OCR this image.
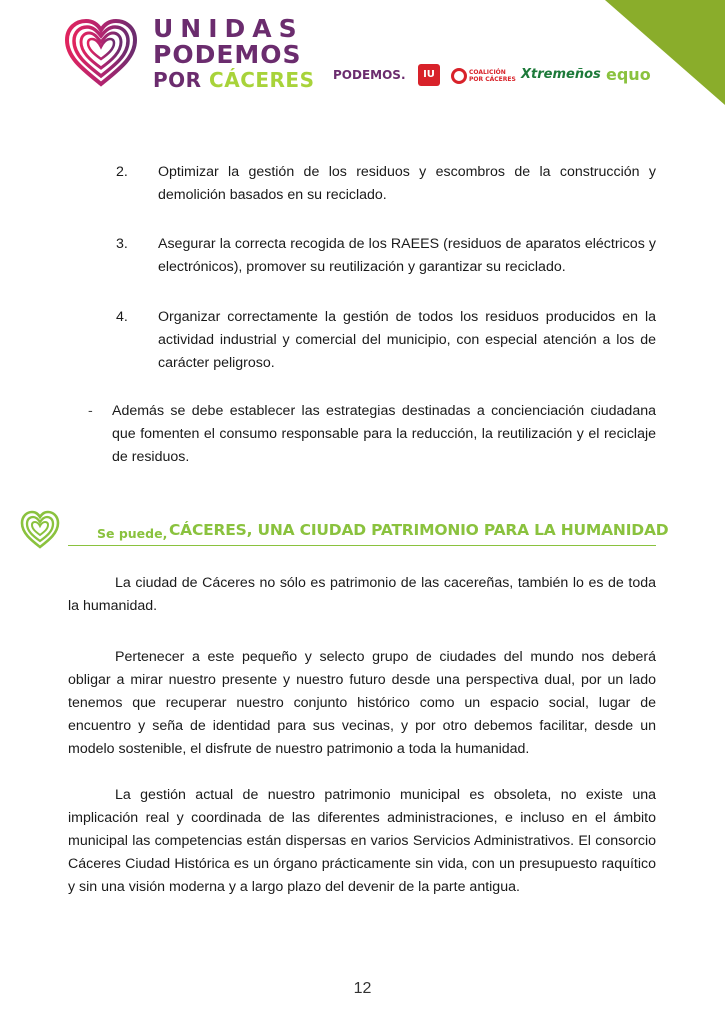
UNIDAS
PODEMOS
POR CÁCERES PODEMOS.	IU	COALICIÓN
POR CÁCERES Xtremeños equo
2. Optimizar la gestión de los residuos y escombros de la construcción y demolición basados en su reciclado.
3. Asegurar la correcta recogida de los RAEES (residuos de aparatos eléctricos y electrónicos), promover su reutilización y garantizar su reciclado.
4. Organizar correctamente la gestión de todos los residuos producidos en la actividad industrial y comercial del municipio, con especial atención a los de carácter peligroso.
-	Además se debe establecer las estrategias destinadas a concienciación ciudadana que fomenten el consumo responsable para la reducción, la reutilización y el reciclaje de residuos.
Se puede, CÁCERES, UNA CIUDAD PATRIMONIO PARA LA HUMANIDAD
La ciudad de Cáceres no sólo es patrimonio de las cacereñas, también lo es de toda la humanidad.
Pertenecer a este pequeño y selecto grupo de ciudades del mundo nos deberá obligar a mirar nuestro presente y nuestro futuro desde una perspectiva dual, por un lado tenemos que recuperar nuestro conjunto histórico como un espacio social, lugar de encuentro y seña de identidad para sus vecinas, y por otro debemos facilitar, desde un modelo sostenible, el disfrute de nuestro patrimonio a toda la humanidad.
La gestión actual de nuestro patrimonio municipal es obsoleta, no existe una implicación real y coordinada de las diferentes administraciones, e incluso en el ámbito municipal las competencias están dispersas en varios Servicios Administrativos. El consorcio Cáceres Ciudad Histórica es un órgano prácticamente sin vida, con un presupuesto raquítico y sin una visión moderna y a largo plazo del devenir de la parte antigua.
12
